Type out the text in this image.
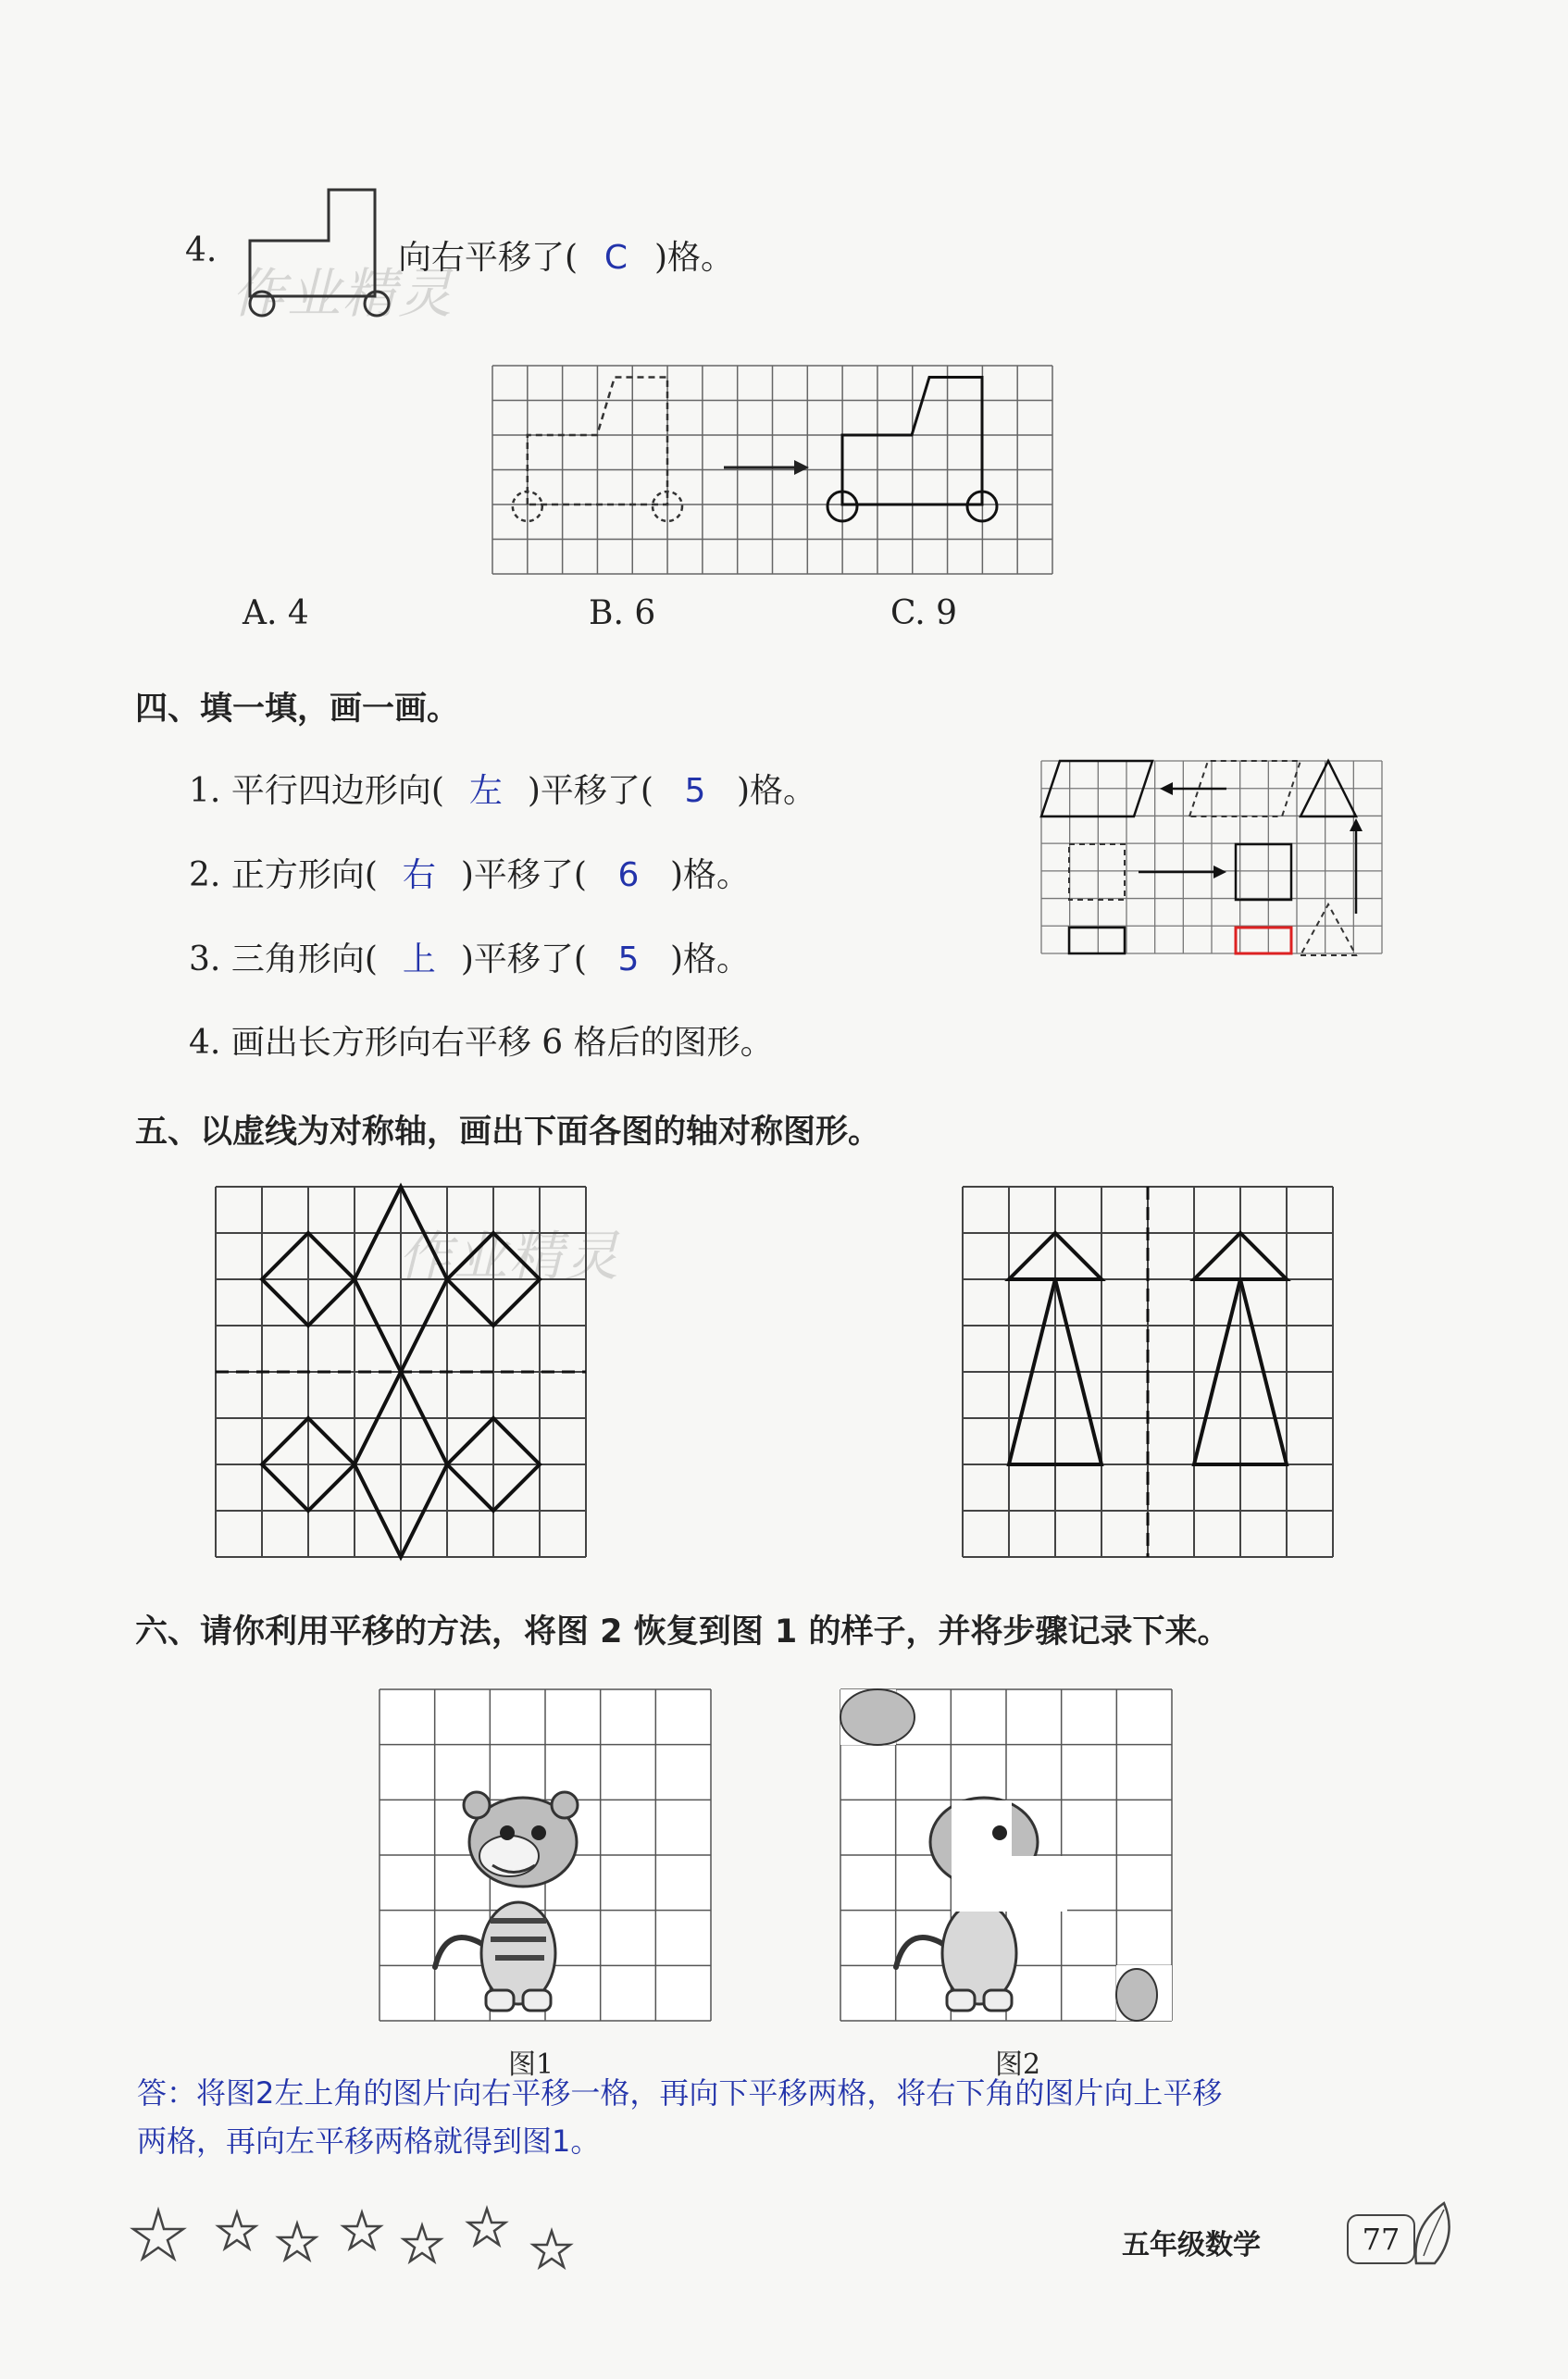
作业精灵
作业精灵
4.	向右平移了( C )格。
A. 4	B. 6	C. 9
四、填一填，画一画。
1. 平行四边形向( 左 )平移了( 5 )格。
2. 正方形向( 右 )平移了( 6 )格。
3. 三角形向( 上 )平移了( 5 )格。
4. 画出长方形向右平移 6 格后的图形。
五、以虚线为对称轴，画出下面各图的轴对称图形。
六、请你利用平移的方法，将图 2 恢复到图 1 的样子，并将步骤记录下来。
图1	图2
答：将图2左上角的图片向右平移一格，再向下平移两格，将右下角的图片向上平移
两格，再向左平移两格就得到图1。
五年级数学	77
